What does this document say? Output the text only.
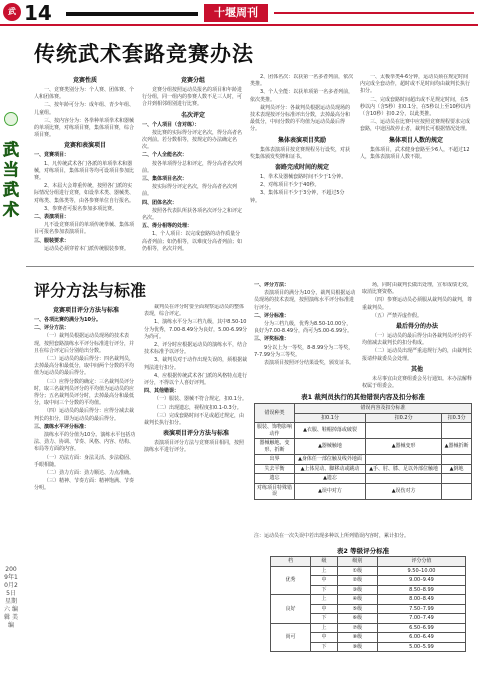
武 14	十堰周刊
武
当
武
术
2009年10月25日 星期六 编辑 美编
传统武术套路竞赛办法
竞赛性质

一、竞赛类别分为：个人赛、团体赛、个人和团体赛。

二、按年龄可分为：成年组、青少年组、儿童组。

三、按内容分为：各拳种单项拳术和器械的单项比赛，对练项目赛，集体项目赛，综合项目赛。

竞赛和表演项目

一、竞赛项目：

1、凡传统武术各门各派的单项拳术和器械，对练项目，集体项目等均可设项目参加比赛。

2、本届大会尊重传统，按照各门派的实际情况分组进行竞赛，如设拳术类、器械类、对练类、集体类等，由各参赛单位自行报名。

3、参赛者可报名参加多项比赛。

二、表演项目：

凡不设竞赛项目的单项传统拳械、集体项目可报名参加表演项目。

三、服装要求：

运动员必须穿着本门派传统服装参赛。

竞赛分组

竞赛分组按照运动员报名的项目和年龄进行分组，同一组内的参赛人数不足三人时，可合并到相邻组别进行比赛。

名次评定

一、个人项目（含对练）：

按比赛的实际得分评定名次，得分高者名次列前。若分数相等，按规定的办法确定名次。

二、个人全能名次：

按各单项得分总和评定，得分高者名次列前。

三、集体项目名次：

按实际得分评定名次，得分高者名次列前。

四、团体名次：

按照各代表队所获各项名次评分之和评定名次。

五、得分相等的处理：

1、个人项目：以完成套路的动作质量分高者列前；如仍相等，以难度分高者列前；如仍相等，名次并列。

2、团体名次：以获第一名多者列前，依次类推。

3、个人全能：以获单项第一名多者列前，依次类推。

裁判员评分：各裁判员根据运动员现场的技术表现按评分标准评出分数，去掉最高分和最低分，中间分数的平均值为运动员最后得分。

集体表演项目奖励

集体表演项目按竞赛规程另行设奖，对获奖集体颁发奖牌和证书。

套路完成时间的规定

1、拳术及器械套路时间不少于1分钟。

2、对练项目不少于40秒。

3、集体项目不少于3分钟，不超过5分钟。

一、太极拳类4-6分钟，运动员须在规定时间内完成全套动作，超时或不足时间均由裁判长执行扣分。

二、完成套路时间超出或不足规定时间，在5秒以内（含5秒）扣0.1分，在5秒以上至10秒以内（含10秒）扣0.2分，以此类推。

三、运动员在比赛中应按照竞赛规程要求完成套路，中途因故停止者，裁判长可根据情况处理。

集体项目人数的规定

集体项目，武术健身套路至少6人，不超过12人，集体表演项目人数不限。

评分方法与标准
竞赛项目评分方法与标准

一、各项比赛的满分为10分。

二、评分方法：

（一）裁判员根据运动员现场的技术表现，按照套路演练水平评分标准进行评分，并且在综合评定后分别给出分数。

（二）运动员的最后得分：四名裁判员，去掉最高分和最低分，取中间两个分数的平均值为运动员的最后得分。

（三）应得分数的确定：三名裁判员评分时，取三名裁判员评分的平均值为运动员的应得分；五名裁判员评分时，去掉最高分和最低分，取中间三个分数的平均值。

（四）运动员的最后得分：应得分减去裁判长的扣分，即为运动员的最后得分。

三、演练水平评分标准：

演练水平的分值为10分。演练水平包括功法、劲力、协调、节奏、风格、内容、结构、布局等方面的内容。

（一）功法方面：身法灵活、步法稳固、手眼相随。

（二）劲力方面：劲力顺达、力点准确。

（三）精神、节奏方面：精神饱满、节奏分明。

裁判员在评分时要全面观察运动员的整体表现，综合评定。

1、演练水平分为三档九级，其中8.50-10分为优秀，7.00-8.49分为良好，5.00-6.99分为尚可。

2、评分时应根据运动员的演练水平，结合技术标准予以评分。

3、裁判员对于动作出现失误的，须根据裁判法进行扣分。

4、应根据传统武术各门派的风格特点进行评分，不得以个人喜好评判。

四、其他错误：

（一）服装、器械不符合规定，扣0.1分。

（二）出现遗忘，视程度扣0.1-0.3分。

（三）完成套路时间不足或超过规定，由裁判长执行扣分。

表演项目评分方法与标准

表演项目评分方法与竞赛项目相同，按照演练水平进行评分。

一、评分方法：

表演项目的满分为10分，裁判员根据运动员现场的技术表现，按照演练水平评分标准进行评分。

二、评分标准：

分为三档九级，优秀为8.50-10.00分，良好为7.00-8.49分，尚可为5.00-6.99分。

三、评奖标准：

9分以上为一等奖，8-8.99分为二等奖，7-7.99分为三等奖。

表演项目按照评分结果设奖，颁发证书。

场，同时由裁判长做出处理，宣布成绩无效，取消比赛资格。

（四）参赛运动员必须服从裁判员的裁判，尊重裁判员。

（五）严禁弄虚作假。

最后得分的办法

（一）运动员的最后得分由各裁判员评分的平均值减去裁判长的扣分构成。

（二）运动员出现严重违规行为的，由裁判长报请仲裁委员会处理。

其他

未尽事宜由竞赛组委会另行通知。本办法解释权属于组委会。

表1 裁判员执行的其他错误内容及扣分标准
错误种类	错误内容及扣分标准		
	扣0.1分	扣0.2分	扣0.3分
服装、饰物影响动作	▲衣服、鞋帽掉落或破裂		
器械触地、变形、折断	▲器械触地	▲器械变形	▲器械折断
出界	▲身体任一部位触及线外地面		
失去平衡	▲上体晃动、脚移动或跳动	▲手、肘、膝、足以外部位触地	▲倒地
遗忘	▲遗忘		
对练项目特殊错误	▲误中对方	▲误伤对方	
注：运动员在一次失误中若出现多种以上所列错误内容时，累计扣分。
表2 等级评分标准
档	级	级别	评分分值
优秀	上	①级	9.50–10.00
	中	②级	9.00–9.49
	下	③级	8.50–8.99
良好	上	④级	8.00–8.49
	中	⑤级	7.50–7.99
	下	⑥级	7.00–7.49
尚可	上	⑦级	6.50–6.99
	中	⑧级	6.00–6.49
	下	⑨级	5.00–5.99
